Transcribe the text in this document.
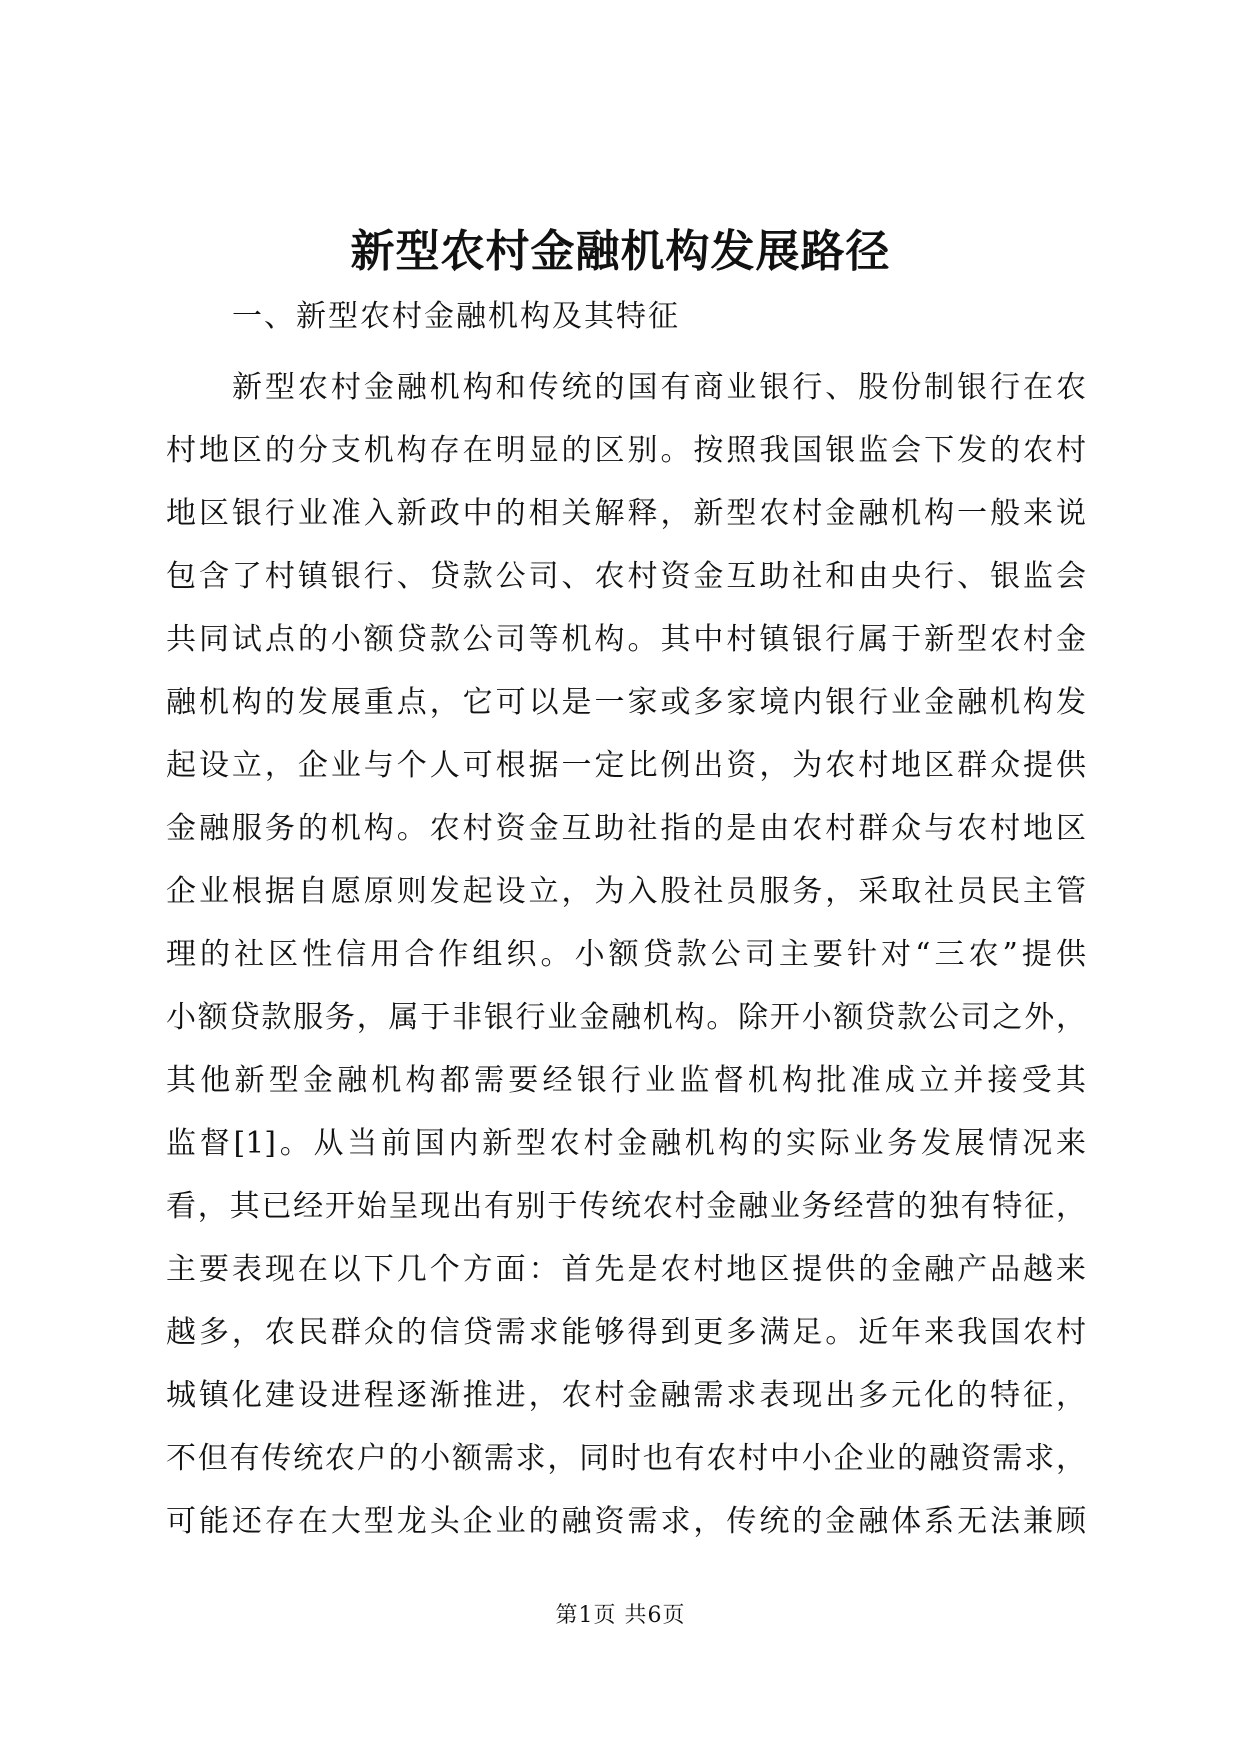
新型农村金融机构发展路径
一、新型农村金融机构及其特征
新型农村金融机构和传统的国有商业银行、股份制银行在农
村地区的分支机构存在明显的区别。按照我国银监会下发的农村
地区银行业准入新政中的相关解释，新型农村金融机构一般来说
包含了村镇银行、贷款公司、农村资金互助社和由央行、银监会
共同试点的小额贷款公司等机构。其中村镇银行属于新型农村金
融机构的发展重点，它可以是一家或多家境内银行业金融机构发
起设立，企业与个人可根据一定比例出资，为农村地区群众提供
金融服务的机构。农村资金互助社指的是由农村群众与农村地区
企业根据自愿原则发起设立，为入股社员服务，采取社员民主管
理的社区性信用合作组织。小额贷款公司主要针对“三农”提供
小额贷款服务，属于非银行业金融机构。除开小额贷款公司之外，
其他新型金融机构都需要经银行业监督机构批准成立并接受其
监督[1]。从当前国内新型农村金融机构的实际业务发展情况来
看，其已经开始呈现出有别于传统农村金融业务经营的独有特征，
主要表现在以下几个方面：首先是农村地区提供的金融产品越来
越多，农民群众的信贷需求能够得到更多满足。近年来我国农村
城镇化建设进程逐渐推进，农村金融需求表现出多元化的特征，
不但有传统农户的小额需求，同时也有农村中小企业的融资需求，
可能还存在大型龙头企业的融资需求，传统的金融体系无法兼顾
第1页 共6页
